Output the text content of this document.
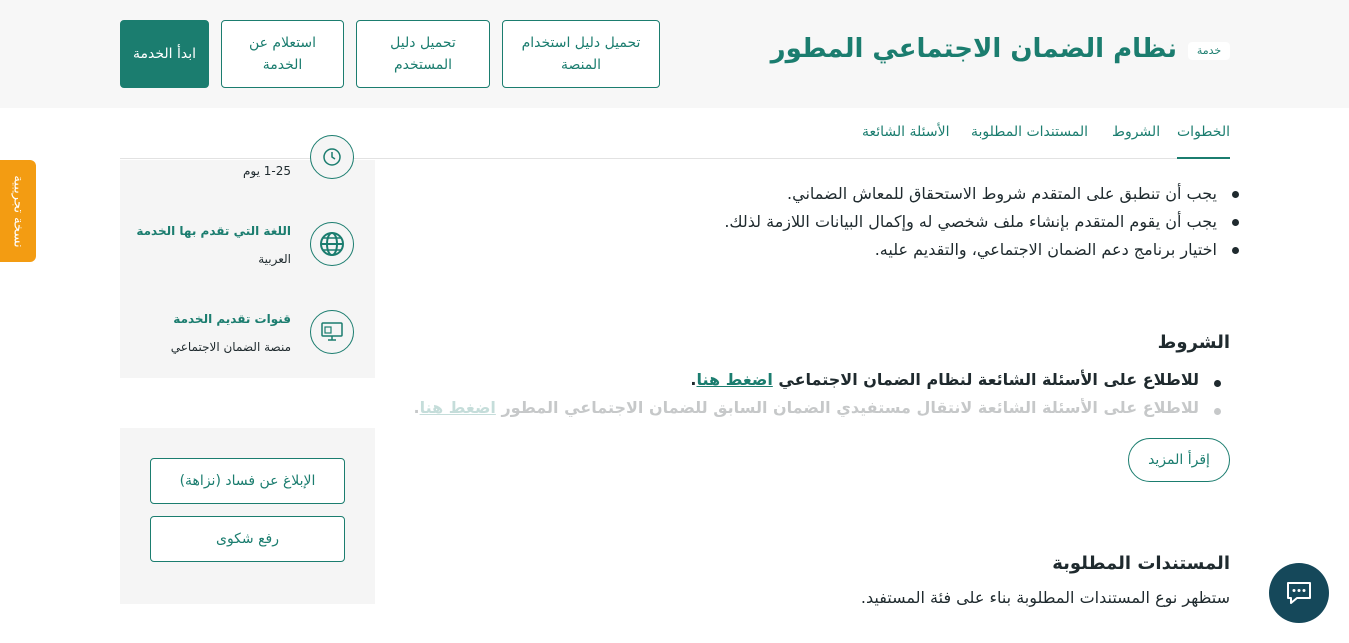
خدمة
نظام الضمان الاجتماعي المطور
تحميل دليل استخدام المنصة
تحميل دليل المستخدم
استعلام عن الخدمة
ابدأ الخدمة
الخطوات
الشروط
المستندات المطلوبة
الأسئلة الشائعة
1-25 يوم
اللغة التي تقدم بها الخدمة
العربية
قنوات تقديم الخدمة
منصة الضمان الاجتماعي
الإبلاغ عن فساد (نزاهة)
رفع شكوى
يجب أن تنطبق على المتقدم شروط الاستحقاق للمعاش الضماني.
يجب أن يقوم المتقدم بإنشاء ملف شخصي له وإكمال البيانات اللازمة لذلك.
اختيار برنامج دعم الضمان الاجتماعي، والتقديم عليه.
الشروط
للاطلاع على الأسئلة الشائعة لنظام الضمان الاجتماعي اضغط هنا.
للاطلاع على الأسئلة الشائعة لانتقال مستفيدي الضمان السابق للضمان الاجتماعي المطور اضغط هنا.
إقرأ المزيد
المستندات المطلوبة
ستظهر نوع المستندات المطلوبة بناء على فئة المستفيد.
نسخة تجريبية
